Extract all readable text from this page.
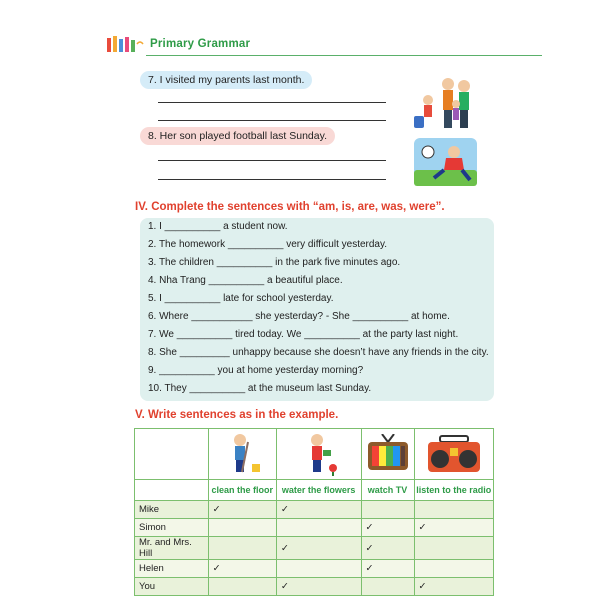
Primary Grammar
7. I visited my parents last month.
8. Her son played football last Sunday.
IV. Complete the sentences with “am, is, are, was, were”.
1. I __________ a student now.
2. The homework __________ very difficult yesterday.
3. The children __________ in the park five minutes ago.
4. Nha Trang __________ a beautiful place.
5. I __________ late for school yesterday.
6. Where ___________ she yesterday? - She __________ at home.
7. We __________ tired today. We __________ at the party last night.
8. She _________ unhappy because she doesn’t have any friends in the city.
9. __________ you at home yesterday morning?
10. They __________ at the museum last Sunday.
V. Write sentences as in the example.

	clean the floor	water the flowers	watch TV	listen to the radio
Mike	✓	✓		
Simon			✓	✓
Mr. and Mrs. Hill		✓	✓	
Helen	✓		✓	
You		✓		✓
